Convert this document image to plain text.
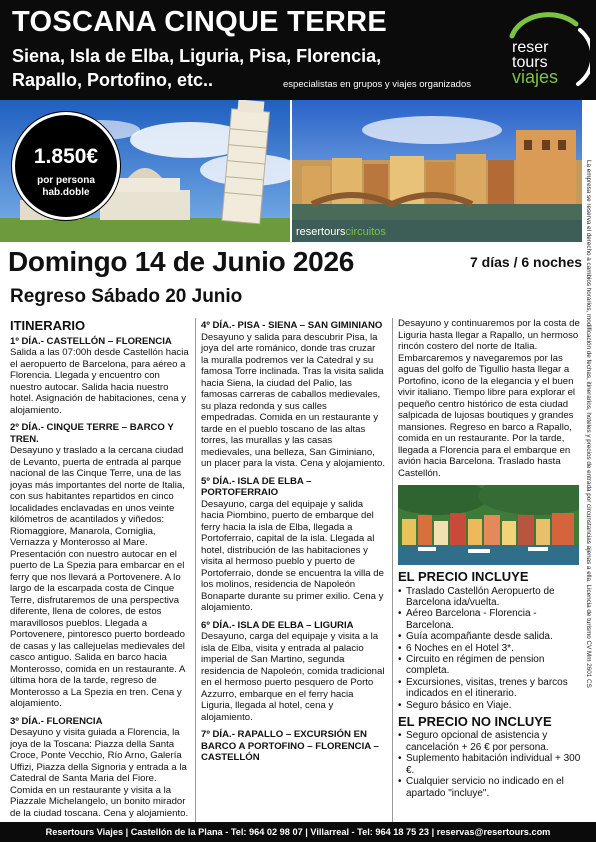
TOSCANA CINQUE TERRE
Siena, Isla de Elba, Liguria, Pisa, Florencia,
Rapallo, Portofino, etc..	especialistas en grupos y viajes organizados
reser
tours
viajes
1.850€
por persona
hab.doble
resertourscircuitos	La empresa se reserva el derecho a cambios horarios, modificación de fechas, itinerarios, hoteles y precios de entrada por circunstancias ajenas a ella. Licencia de turismo CV Mm 2601 CS
Domingo 14 de Junio 2026
Regreso Sábado 20 Junio
7 días / 6 noches
ITINERARIO

1º DÍA.- CASTELLÓN – FLORENCIA
Salida a las 07:00h desde Castellón hacia el aeropuerto de Barcelona, para aéreo a Florencia. Llegada y encuentro con nuestro autocar. Salida hacia nuestro hotel. Asignación de habitaciones, cena y alojamiento.

2º DÍA.- CINQUE TERRE – BARCO Y TREN.
Desayuno y traslado a la cercana ciudad de Levanto, puerta de entrada al parque nacional de las Cinque Terre, una de las joyas más importantes del norte de Italia, con sus habitantes repartidos en cinco localidades enclavadas en unos veinte kilómetros de acantilados y viñedos: Riomaggiore, Manarola, Corniglia, Vernazza y Monterosso al Mare. Presentación con nuestro autocar en el puerto de La Spezia para embarcar en el ferry que nos llevará a Portovenere. A lo largo de la escarpada costa de Cinque Terre, disfrutaremos de una perspectiva diferente, llena de colores, de estos maravillosos pueblos. Llegada a Portovenere, pintoresco puerto bordeado de casas y las callejuelas medievales del casco antiguo. Salida en barco hacia Monterosso, comida en un restaurante. A última hora de la tarde, regreso de Monterosso a La Spezia en tren. Cena y alojamiento.

3º DÍA.- FLORENCIA
Desayuno y visita guiada a Florencia, la joya de la Toscana: Piazza della Santa Croce, Ponte Vecchio, Río Arno, Galería Uffizi, Piazza della Signoria y entrada a la Catedral de Santa Maria del Fiore. Comida en un restaurante y visita a la Piazzale Michelangelo, un bonito mirador de la ciudad toscana. Cena y alojamiento.

4º DÍA.- PISA - SIENA – SAN GIMINIANO
Desayuno y salida para descubrir Pisa, la joya del arte románico, donde tras cruzar la muralla podremos ver la Catedral y su famosa Torre inclinada. Tras la visita salida hacia Siena, la ciudad del Palio, las famosas carreras de caballos medievales, su plaza redonda y sus calles empedradas. Comida en un restaurante y tarde en el pueblo toscano de las altas torres, las murallas y las casas medievales, una belleza, San Giminiano, un placer para la vista. Cena y alojamiento.

5º DÍA.- ISLA DE ELBA – PORTOFERRAIO
Desayuno, carga del equipaje y salida hacia Piombino, puerto de embarque del ferry hacia la isla de Elba, llegada a Portoferraio, capital de la isla. Llegada al hotel, distribución de las habitaciones y visita al hermoso pueblo y puerto de Portoferraio, donde se encuentra la villa de los molinos, residencia de Napoleón Bonaparte durante su primer exilio. Cena y alojamiento.

6º DÍA.- ISLA DE ELBA – LIGURIA
Desayuno, carga del equipaje y visita a la isla de Elba, visita y entrada al palacio imperial de San Martino, segunda residencia de Napoleón, comida tradicional en el hermoso puerto pesquero de Porto Azzurro, embarque en el ferry hacia Liguria, llegada al hotel, cena y alojamiento.

7º DÍA.- RAPALLO – EXCURSIÓN EN BARCO A PORTOFINO – FLORENCIA – CASTELLÓN

Desayuno y continuaremos por la costa de Liguria hasta llegar a Rapallo, un hermoso rincón costero del norte de Italia. Embarcaremos y navegaremos por las aguas del golfo de Tigullio hasta llegar a Portofino, icono de la elegancia y el buen vivir italiano. Tiempo libre para explorar el pequeño centro histórico de esta ciudad salpicada de lujosas boutiques y grandes mansiones. Regreso en barco a Rapallo, comida en un restaurante. Por la tarde, llegada a Florencia para el embarque en avión hacia Barcelona. Traslado hasta Castellón.

EL PRECIO INCLUYE
• Traslado Castellón Aeropuerto de Barcelona ida/vuelta.
• Aéreo Barcelona - Florencia - Barcelona.
• Guía acompañante desde salida.
• 6 Noches en el Hotel 3*.
• Circuito en régimen de pension completa.
• Excursiones, visitas, trenes y barcos indicados en el itinerario.
• Seguro básico en Viaje.
EL PRECIO NO INCLUYE
• Seguro opcional de asistencia y cancelación + 26 € por persona.
• Suplemento habitación individual + 300 €.
• Cualquier servicio no indicado en el apartado "incluye".
Resertours Viajes | Castellón de la Plana - Tel: 964 02 98 07 | Villarreal - Tel: 964 18 75 23 | reservas@resertours.com
